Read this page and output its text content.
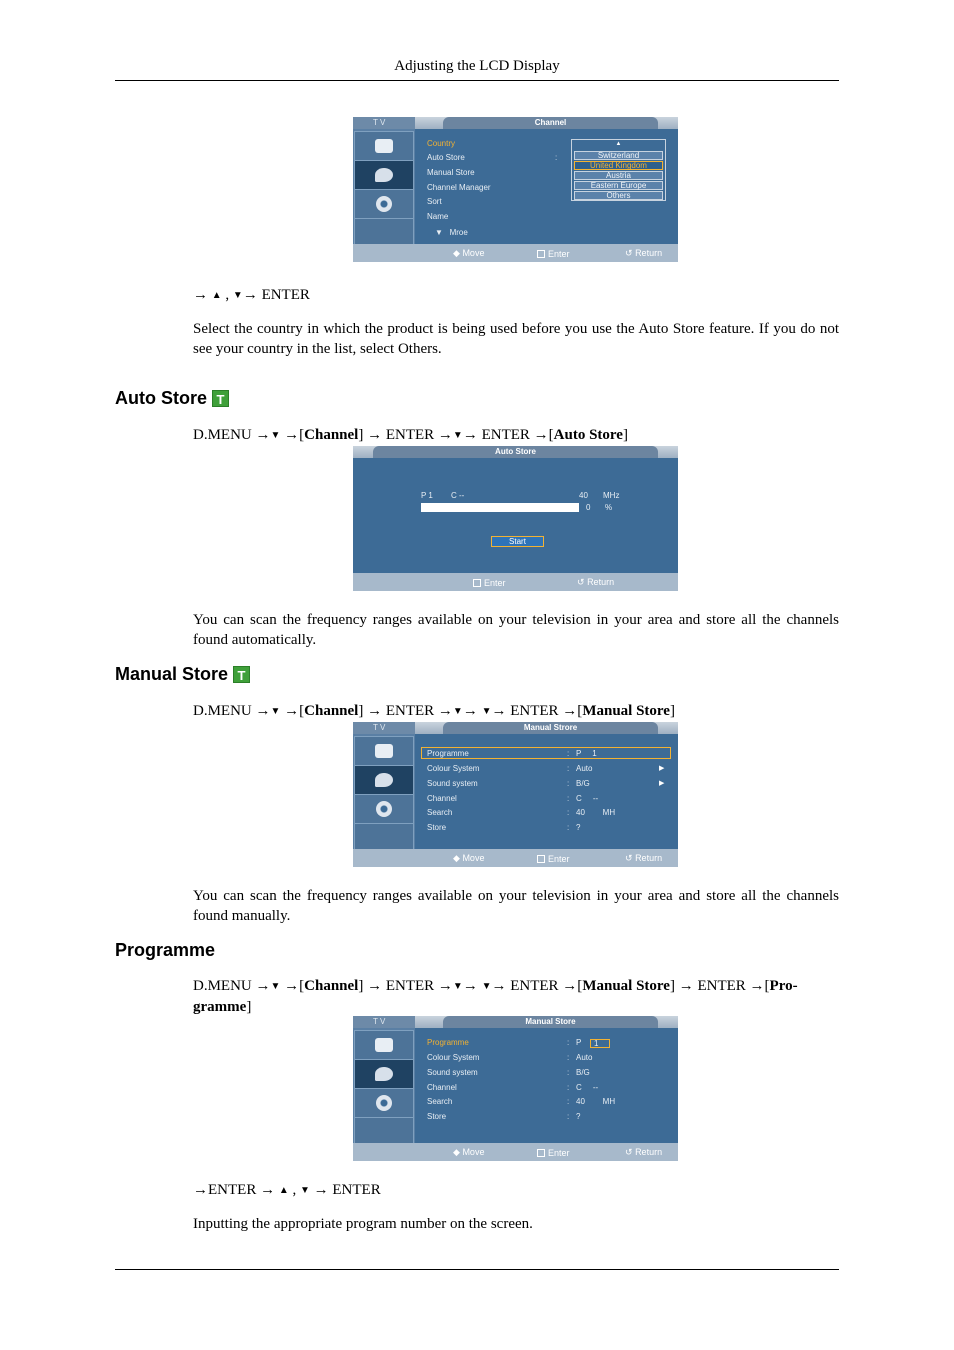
Adjusting the LCD Display
T V	Channel
Country
Auto Store	:
Manual Store
Channel Manager
Sort
Name
▼ Mroe
▲
Switzerland
United Kingdom
Austria
Eastern Europe
Others
◆ Move	Enter	↺ Return
→ ▲ , ▼→ ENTER
Select the country in which the product is being used before you use the Auto Store feature. If you do not see your country in the list, select Others.
Auto Store T
D.MENU →▼ →[Channel] → ENTER →▼→ ENTER →[Auto Store]
Auto Store
P 1 C --	40 MHz
0 %
Start
Enter	↺ Return
You can scan the frequency ranges available on your television in your area and store all the channels found automatically.
Manual Store T
D.MENU →▼ →[Channel] → ENTER →▼→ ▼→ ENTER →[Manual Store]
T V	Manual Strore
Programme	: P     1
Colour System	: Auto	▶
Sound system	: B/G	▶
Channel	: C     --
Search	: 40        MH
Store	: ?
◆ Move	Enter	↺ Return
You can scan the frequency ranges available on your television in your area and store all the channels found manually.
Programme
D.MENU →▼ →[Channel] → ENTER →▼→ ▼→ ENTER →[Manual Store] → ENTER →[Pro-
gramme]
T V	Manual Store
Programme	: P	1
Colour System	: Auto
Sound system	: B/G
Channel	: C     --
Search	: 40        MH
Store	: ?
◆ Move	Enter	↺ Return
→ENTER → ▲ , ▼ → ENTER
Inputting the appropriate program number on the screen.
